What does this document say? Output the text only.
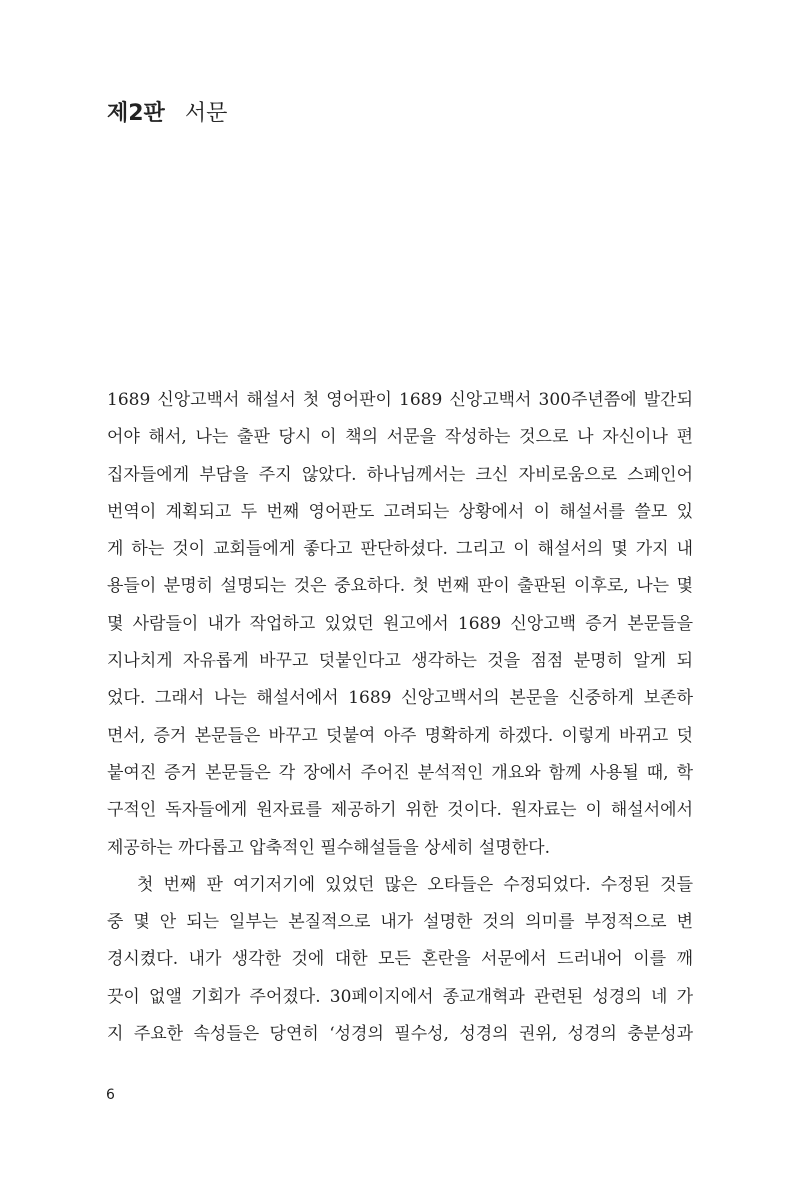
제2판 서문
1689 신앙고백서 해설서 첫 영어판이 1689 신앙고백서 300주년쯤에 발간되
어야 해서, 나는 출판 당시 이 책의 서문을 작성하는 것으로 나 자신이나 편
집자들에게 부담을 주지 않았다. 하나님께서는 크신 자비로움으로 스페인어
번역이 계획되고 두 번째 영어판도 고려되는 상황에서 이 해설서를 쓸모 있
게 하는 것이 교회들에게 좋다고 판단하셨다. 그리고 이 해설서의 몇 가지 내
용들이 분명히 설명되는 것은 중요하다. 첫 번째 판이 출판된 이후로, 나는 몇
몇 사람들이 내가 작업하고 있었던 원고에서 1689 신앙고백 증거 본문들을
지나치게 자유롭게 바꾸고 덧붙인다고 생각하는 것을 점점 분명히 알게 되
었다. 그래서 나는 해설서에서 1689 신앙고백서의 본문을 신중하게 보존하
면서, 증거 본문들은 바꾸고 덧붙여 아주 명확하게 하겠다. 이렇게 바뀌고 덧
붙여진 증거 본문들은 각 장에서 주어진 분석적인 개요와 함께 사용될 때, 학
구적인 독자들에게 원자료를 제공하기 위한 것이다. 원자료는 이 해설서에서
제공하는 까다롭고 압축적인 필수해설들을 상세히 설명한다.
첫 번째 판 여기저기에 있었던 많은 오타들은 수정되었다. 수정된 것들
중 몇 안 되는 일부는 본질적으로 내가 설명한 것의 의미를 부정적으로 변
경시켰다. 내가 생각한 것에 대한 모든 혼란을 서문에서 드러내어 이를 깨
끗이 없앨 기회가 주어졌다. 30페이지에서 종교개혁과 관련된 성경의 네 가
지 주요한 속성들은 당연히 ‘성경의 필수성, 성경의 권위, 성경의 충분성과
6
